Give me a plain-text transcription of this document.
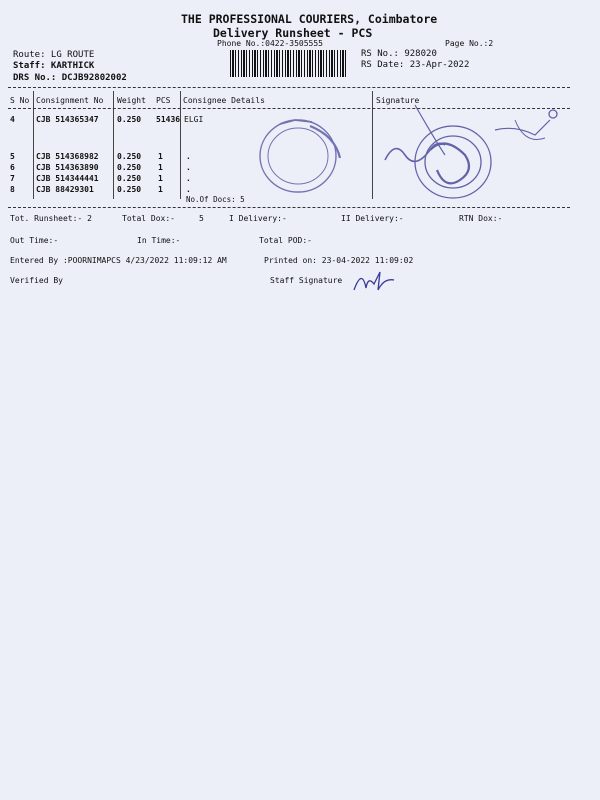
THE PROFESSIONAL COURIERS, Coimbatore
Delivery Runsheet - PCS
Phone No.:0422-3505555	Page No.:2
Route: LG ROUTE
Staff: KARTHICK
DRS No.: DCJB92802002
RS No.: 928020
RS Date: 23-Apr-2022
S No Consignment No Weight PCS Consignee Details	Signature
4	CJB 514365347 0.250 51436 ELGI
5	CJB 514368982 0.250 1	.
6	CJB 514363890 0.250 1	.
7	CJB 514344441 0.250 1	.
8	CJB 88429301	0.250 1	.
No.Of Docs: 5
Tot. Runsheet:- 2	Total Dox:-	5	I Delivery:-	II Delivery:-	RTN Dox:-
Out Time:-	In Time:-	Total POD:-
Entered By :POORNIMAPCS 4/23/2022 11:09:12 AM	Printed on: 23-04-2022 11:09:02
Verified By	Staff Signature
